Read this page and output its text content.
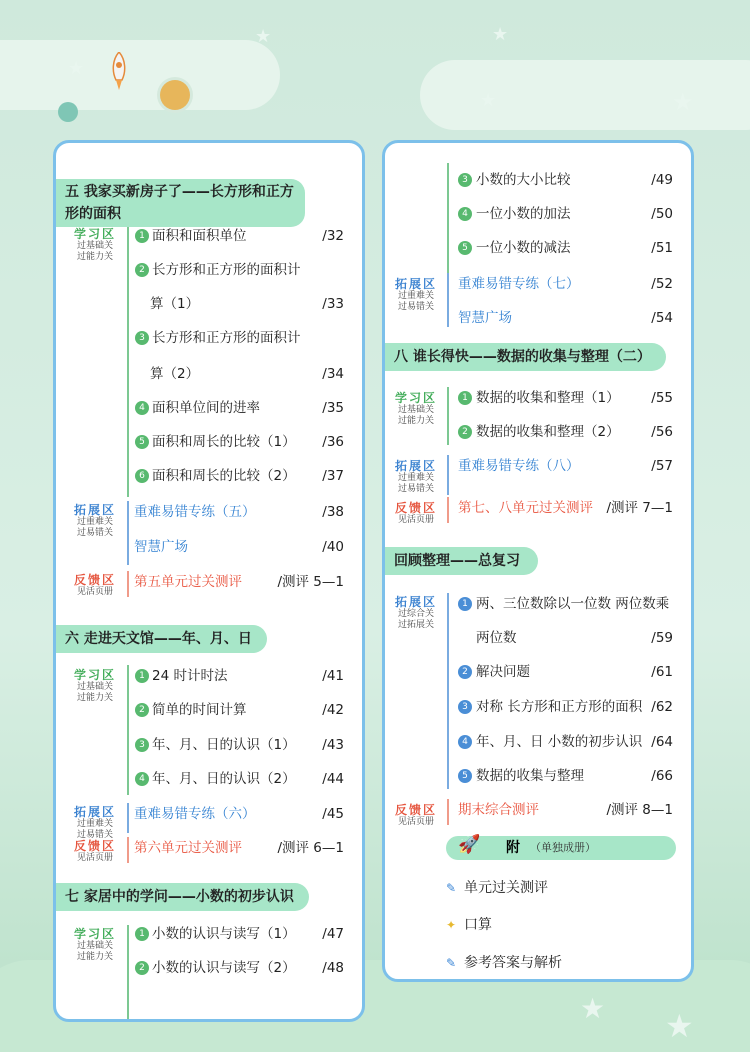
★
★	★
★
★
★ ★
五 我家买新房子了——长方形和正方形的面积
学习区
过基础关
过能力关
1 面积和面积单位	/32
2 长方形和正方形的面积计
算（1）	/33
3 长方形和正方形的面积计
算（2）	/34
4 面积单位间的进率	/35
5 面积和周长的比较（1） /36
6 面积和周长的比较（2） /37
拓展区
过重难关
过易错关
重难易错专练（五）	/38
智慧广场	/40
反馈区
见活页册
第五单元过关测评	/测评 5—1
六 走进天文馆——年、月、日
学习区
过基础关
过能力关
1 24 时计时法	/41
2 简单的时间计算	/42
3 年、月、日的认识（1） /43
4 年、月、日的认识（2） /44
拓展区
过重难关
过易错关
重难易错专练（六）	/45
反馈区
见活页册
第六单元过关测评	/测评 6—1
七 家居中的学问——小数的初步认识
学习区
过基础关
过能力关
1 小数的认识与读写（1） /47
2 小数的认识与读写（2） /48
3 小数的大小比较	/49
4 一位小数的加法	/50
5 一位小数的减法	/51
拓展区
过重难关
过易错关
重难易错专练（七）	/52
智慧广场	/54
八 谁长得快——数据的收集与整理（二）
学习区
过基础关
过能力关
1 数据的收集和整理（1） /55
2 数据的收集和整理（2） /56
拓展区
过重难关
过易错关
重难易错专练（八）	/57
反馈区
见活页册
第七、八单元过关测评 /测评 7—1
回顾整理——总复习
拓展区
过综合关
过拓展关
1 两、三位数除以一位数 两位数乘
两位数	/59
2 解决问题	/61
3 对称 长方形和正方形的面积 /62
4 年、月、日 小数的初步认识 /64
5 数据的收集与整理	/66
反馈区
见活页册
期末综合测评	/测评 8—1
🚀 附 （单独成册）
✎ 单元过关测评
✦ 口算
✎ 参考答案与解析
